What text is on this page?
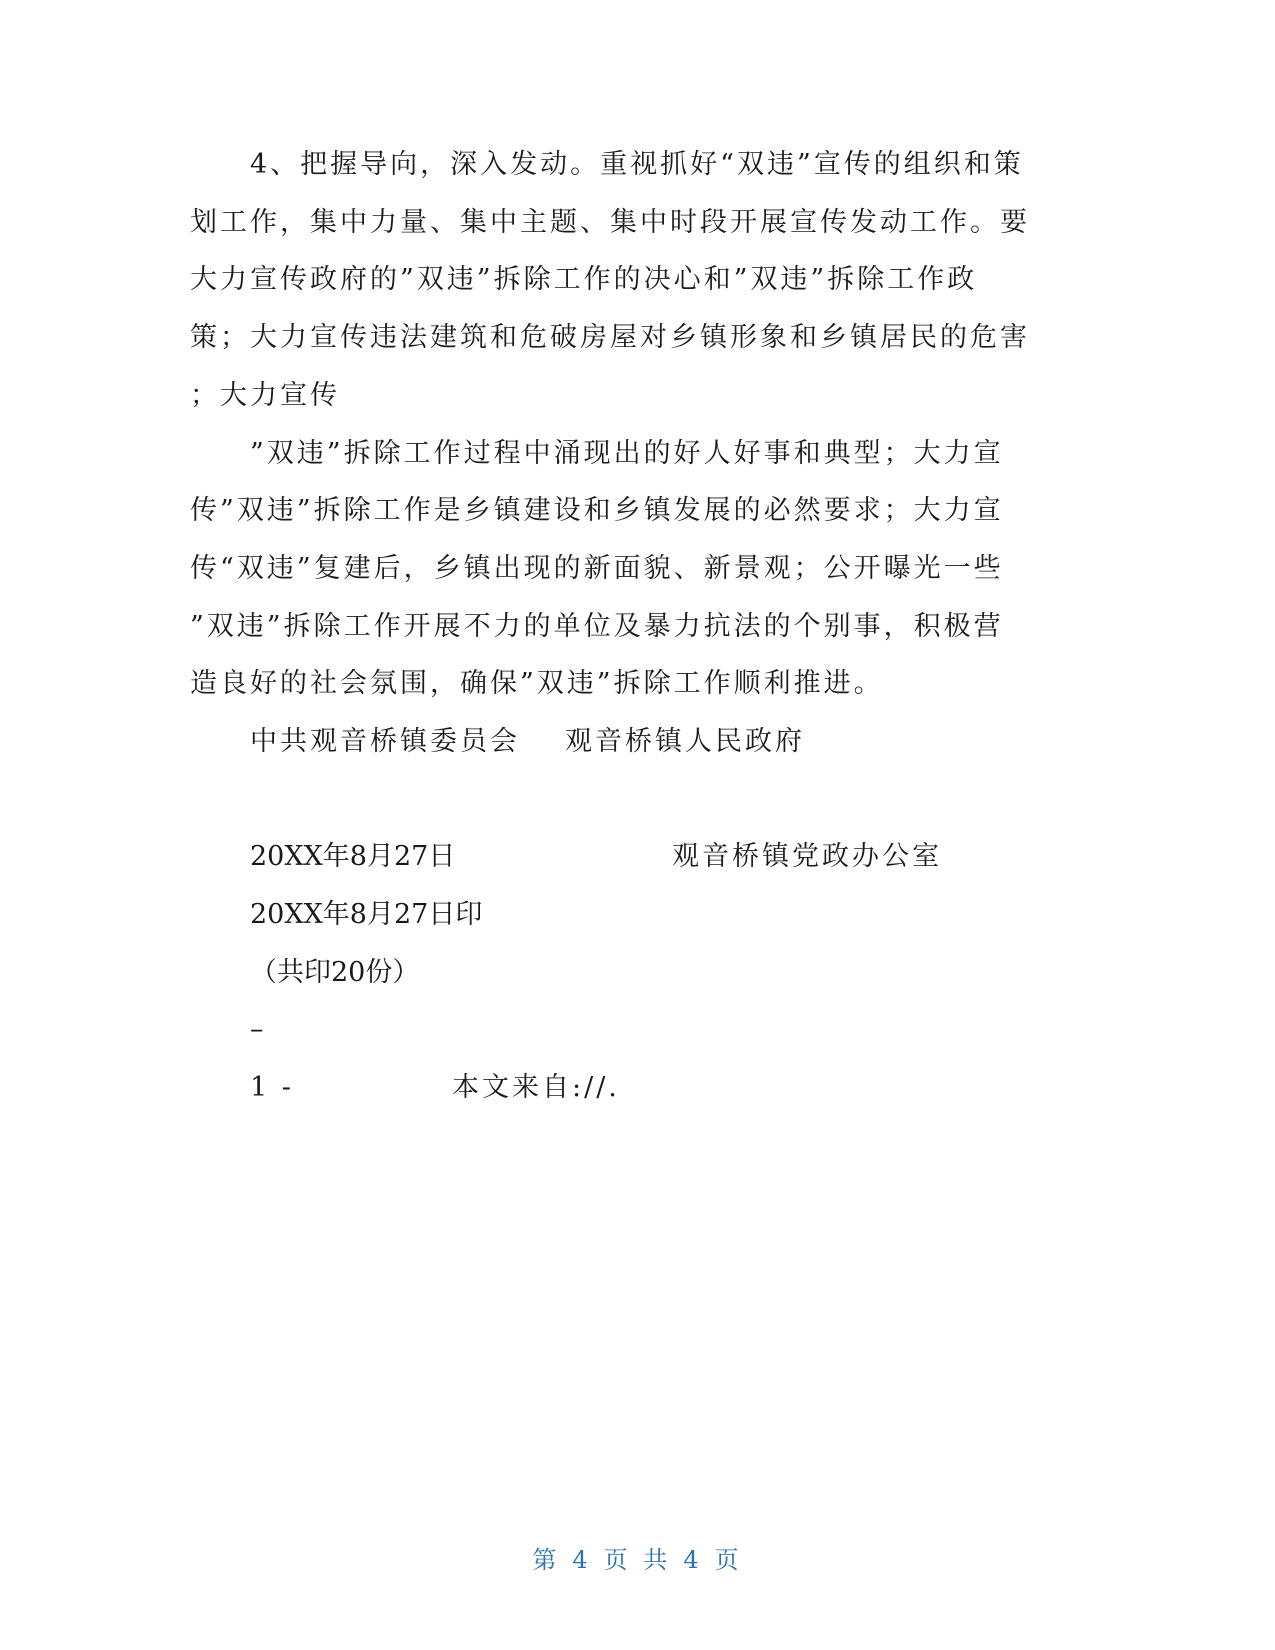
4、把握导向，深入发动。重视抓好“双违”宣传的组织和策
划工作，集中力量、集中主题、集中时段开展宣传发动工作。要
大力宣传政府的”双违”拆除工作的决心和”双违”拆除工作政
策；大力宣传违法建筑和危破房屋对乡镇形象和乡镇居民的危害
；大力宣传
”双违”拆除工作过程中涌现出的好人好事和典型；大力宣
传”双违”拆除工作是乡镇建设和乡镇发展的必然要求；大力宣
传“双违”复建后，乡镇出现的新面貌、新景观；公开曝光一些
”双违”拆除工作开展不力的单位及暴力抗法的个别事，积极营
造良好的社会氛围，确保”双违”拆除工作顺利推进。
中共观音桥镇委员会 观音桥镇人民政府
20XX年8月27日	观音桥镇党政办公室
20XX年8月27日印
（共印20份）
–
1 -	本文来自://.
第 4 页 共 4 页
